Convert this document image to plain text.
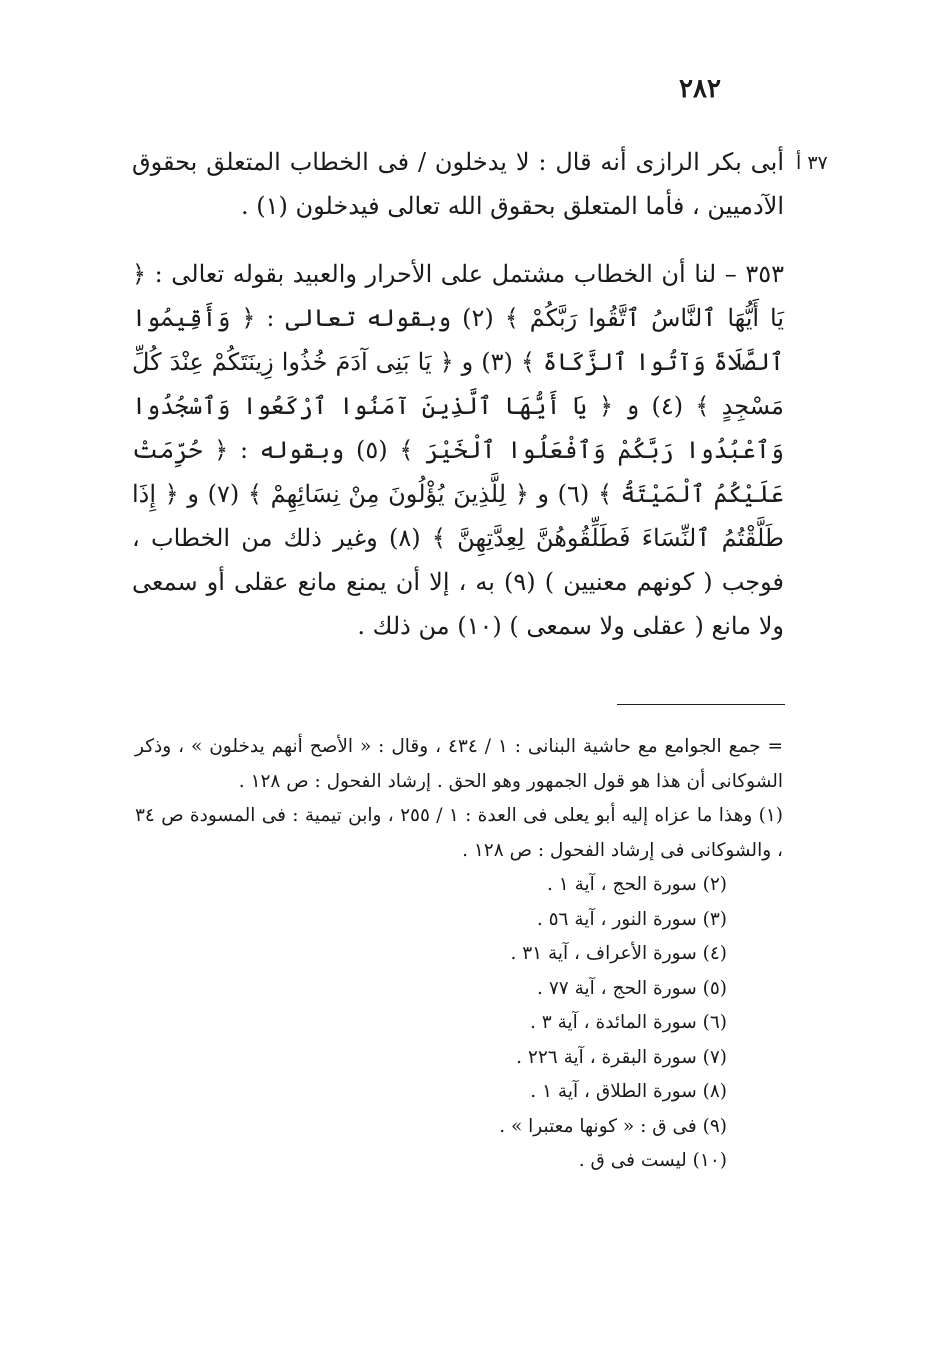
٢٨٢
٣٧ أ

أبى بكر الرازى أنه قال : لا يدخلون / فى الخطاب المتعلق بحقوق الآدميين ، فأما المتعلق بحقوق الله تعالى فيدخلون (١) .

٣٥٣ – لنا أن الخطاب مشتمل على الأحرار والعبيد بقوله تعالى : ﴿ يَا أَيُّهَا ٱلنَّاسُ ٱتَّقُوا رَبَّكُمْ ﴾ (٢) وبقوله تعالى : ﴿ وَأَقِيمُوا ٱلصَّلَاةَ وَآتُوا ٱلزَّكَاةَ ﴾ (٣) و ﴿ يَا بَنِى آدَمَ خُذُوا زِينَتَكُمْ عِنْدَ كُلِّ مَسْجِدٍ ﴾ (٤) و ﴿ يَا أَيُّهَا ٱلَّذِينَ آمَنُوا ٱرْكَعُوا وَٱسْجُدُوا وَٱعْبُدُوا رَبَّكُمْ وَٱفْعَلُوا ٱلْخَيْرَ ﴾ (٥) وبقوله : ﴿ حُرِّمَتْ عَلَيْكُمُ ٱلْمَيْتَةُ ﴾ (٦) و ﴿ لِلَّذِينَ يُؤْلُونَ مِنْ نِسَائِهِمْ ﴾ (٧) و ﴿ إِذَا طَلَّقْتُمُ ٱلنِّسَاءَ فَطَلِّقُوهُنَّ لِعِدَّتِهِنَّ ﴾ (٨) وغير ذلك من الخطاب ، فوجب ( كونهم معنيين ) (٩) به ، إلا أن يمنع مانع عقلى أو سمعى ولا مانع ( عقلى ولا سمعى ) (١٠) من ذلك .

= جمع الجوامع مع حاشية البنانى : ١ / ٤٣٤ ، وقال : « الأصح أنهم يدخلون » ، وذكر الشوكانى أن هذا هو قول الجمهور وهو الحق . إرشاد الفحول : ص ١٢٨ .

(١) وهذا ما عزاه إليه أبو يعلى فى العدة : ١ / ٢٥٥ ، وابن تيمية : فى المسودة ص ٣٤ ، والشوكانى فى إرشاد الفحول : ص ١٢٨ .

(٢) سورة الحج ، آية ١ .
(٣) سورة النور ، آية ٥٦ .
(٤) سورة الأعراف ، آية ٣١ .
(٥) سورة الحج ، آية ٧٧ .
(٦) سورة المائدة ، آية ٣ .
(٧) سورة البقرة ، آية ٢٢٦ .
(٨) سورة الطلاق ، آية ١ .
(٩) فى ق : « كونها معتبرا » .
(١٠) ليست فى ق .
